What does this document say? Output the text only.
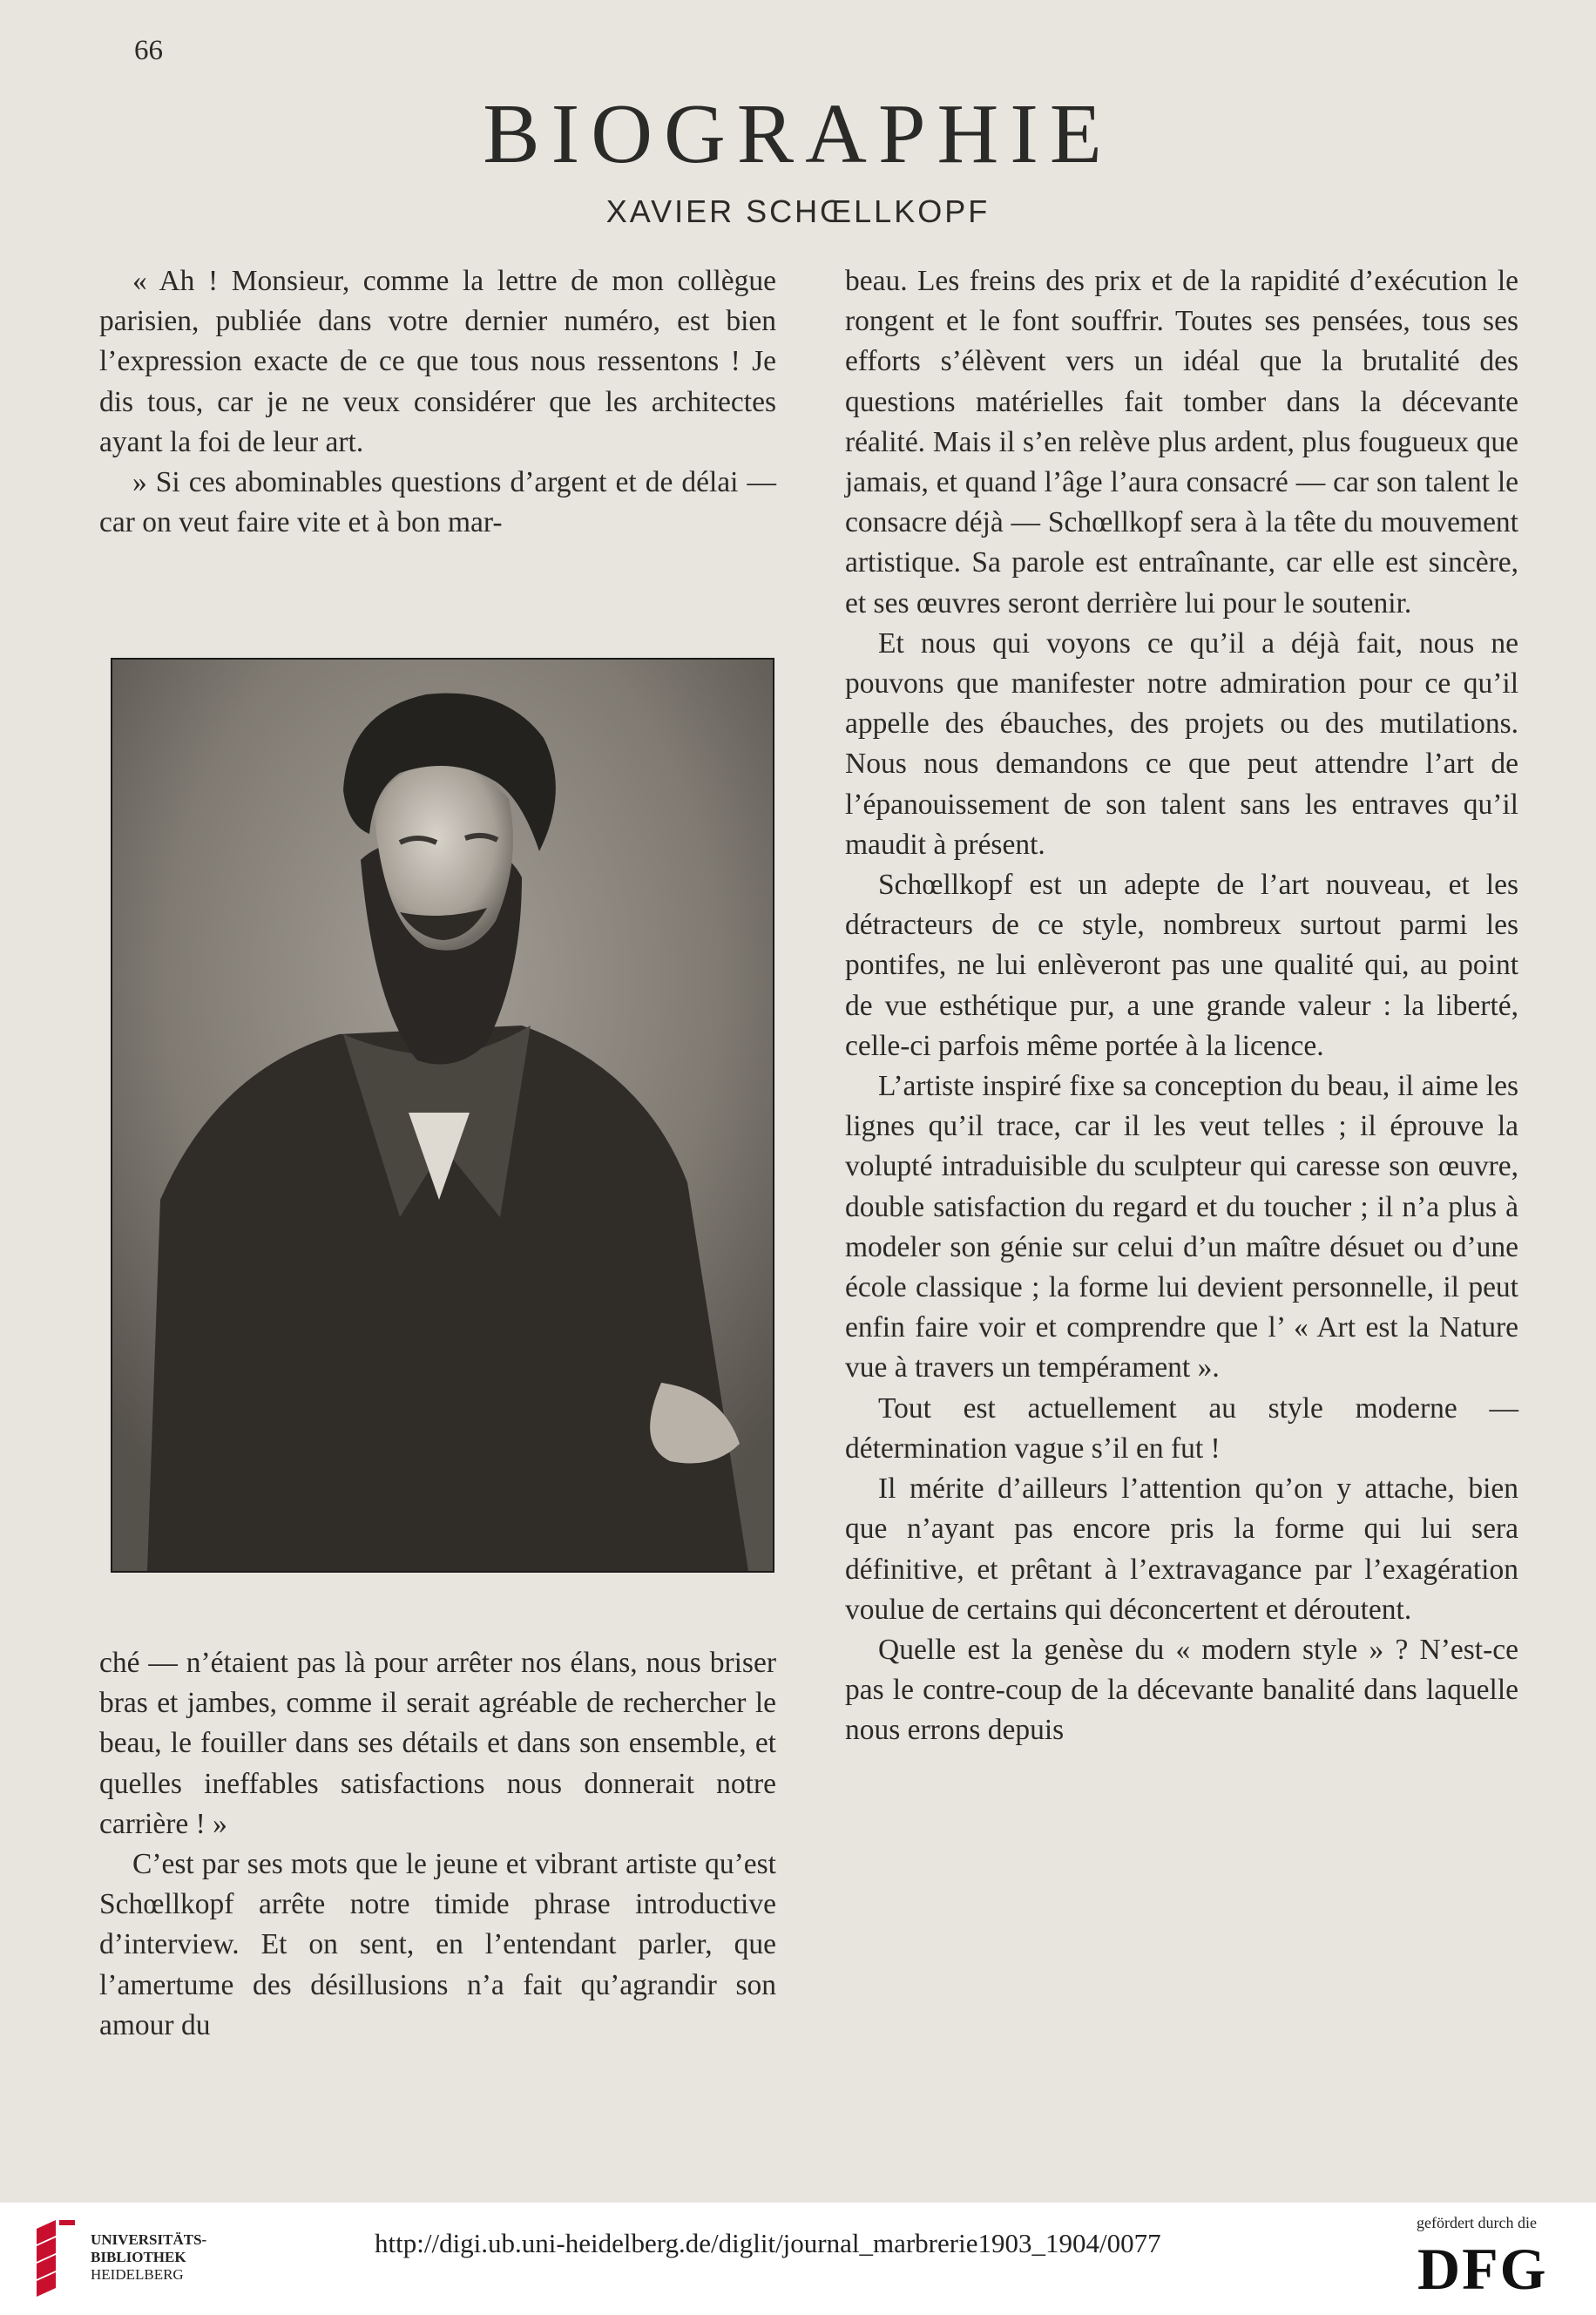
66
BIOGRAPHIE
XAVIER SCHŒLLKOPF

« Ah ! Monsieur, comme la lettre de mon collègue parisien, publiée dans votre dernier numéro, est bien l’expression exacte de ce que tous nous ressentons ! Je dis tous, car je ne veux considérer que les architectes ayant la foi de leur art.

» Si ces abominables questions d’argent et de délai — car on veut faire vite et à bon mar-

ché — n’étaient pas là pour arrêter nos élans, nous briser bras et jambes, comme il serait agréable de rechercher le beau, le fouiller dans ses détails et dans son ensemble, et quelles ineffables satisfactions nous donnerait notre carrière ! »

C’est par ses mots que le jeune et vibrant artiste qu’est Schœllkopf arrête notre timide phrase introductive d’interview. Et on sent, en l’entendant parler, que l’amertume des désillusions n’a fait qu’agrandir son amour du

beau. Les freins des prix et de la rapidité d’exécution le rongent et le font souffrir. Toutes ses pensées, tous ses efforts s’élèvent vers un idéal que la brutalité des questions matérielles fait tomber dans la décevante réalité. Mais il s’en relève plus ardent, plus fougueux que jamais, et quand l’âge l’aura consacré — car son talent le consacre déjà — Schœllkopf sera à la tête du mouvement artistique. Sa parole est entraînante, car elle est sincère, et ses œuvres seront derrière lui pour le soutenir.

Et nous qui voyons ce qu’il a déjà fait, nous ne pouvons que manifester notre admiration pour ce qu’il appelle des ébauches, des projets ou des mutilations. Nous nous demandons ce que peut attendre l’art de l’épanouissement de son talent sans les entraves qu’il maudit à présent.

Schœllkopf est un adepte de l’art nouveau, et les détracteurs de ce style, nombreux surtout parmi les pontifes, ne lui enlèveront pas une qualité qui, au point de vue esthétique pur, a une grande valeur : la liberté, celle-ci parfois même portée à la licence.

L’artiste inspiré fixe sa conception du beau, il aime les lignes qu’il trace, car il les veut telles ; il éprouve la volupté intraduisible du sculpteur qui caresse son œuvre, double satisfaction du regard et du toucher ; il n’a plus à modeler son génie sur celui d’un maître désuet ou d’une école classique ; la forme lui devient personnelle, il peut enfin faire voir et comprendre que l’ « Art est la Nature vue à travers un tempérament ».

Tout est actuellement au style moderne — détermination vague s’il en fut !

Il mérite d’ailleurs l’attention qu’on y attache, bien que n’ayant pas encore pris la forme qui lui sera définitive, et prêtant à l’extravagance par l’exagération voulue de certains qui déconcertent et déroutent.

Quelle est la genèse du « modern style » ? N’est-ce pas le contre-coup de la décevante banalité dans laquelle nous errons depuis

UNIVERSITÄTS-
BIBLIOTHEK
HEIDELBERG
http://digi.ub.uni-heidelberg.de/diglit/journal_marbrerie1903_1904/0077
gefördert durch die
DFG
